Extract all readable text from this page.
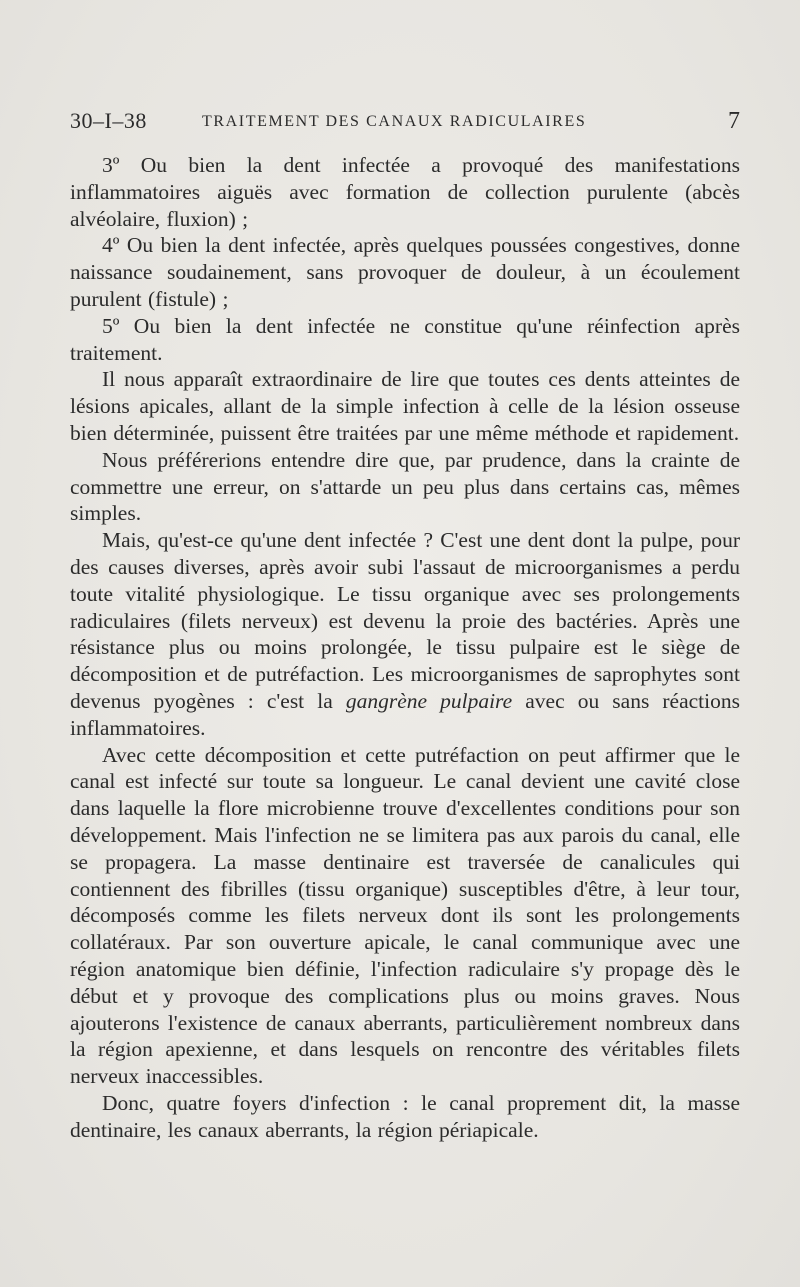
30–I–38	TRAITEMENT DES CANAUX RADICULAIRES	7

3º Ou bien la dent infectée a provoqué des manifestations inflammatoires aiguës avec formation de collection purulente (abcès alvéolaire, fluxion) ;

4º Ou bien la dent infectée, après quelques poussées congestives, donne naissance soudainement, sans provoquer de douleur, à un écoulement purulent (fistule) ;

5º Ou bien la dent infectée ne constitue qu'une réinfection après traitement.

Il nous apparaît extraordinaire de lire que toutes ces dents atteintes de lésions apicales, allant de la simple infection à celle de la lésion osseuse bien déterminée, puissent être traitées par une même méthode et rapidement.

Nous préférerions entendre dire que, par prudence, dans la crainte de commettre une erreur, on s'attarde un peu plus dans certains cas, mêmes simples.

Mais, qu'est-ce qu'une dent infectée ? C'est une dent dont la pulpe, pour des causes diverses, après avoir subi l'assaut de microorganismes a perdu toute vitalité physiologique. Le tissu organique avec ses prolongements radiculaires (filets nerveux) est devenu la proie des bactéries. Après une résistance plus ou moins prolongée, le tissu pulpaire est le siège de décomposition et de putréfaction. Les microorganismes de saprophytes sont devenus pyogènes : c'est la gangrène pulpaire avec ou sans réactions inflammatoires.

Avec cette décomposition et cette putréfaction on peut affirmer que le canal est infecté sur toute sa longueur. Le canal devient une cavité close dans laquelle la flore microbienne trouve d'excellentes conditions pour son développement. Mais l'infection ne se limitera pas aux parois du canal, elle se propagera. La masse dentinaire est traversée de canalicules qui contiennent des fibrilles (tissu organique) susceptibles d'être, à leur tour, décomposés comme les filets nerveux dont ils sont les prolongements collatéraux. Par son ouverture apicale, le canal communique avec une région anatomique bien définie, l'infection radiculaire s'y propage dès le début et y provoque des complications plus ou moins graves. Nous ajouterons l'existence de canaux aberrants, particulièrement nombreux dans la région apexienne, et dans lesquels on rencontre des véritables filets nerveux inaccessibles.

Donc, quatre foyers d'infection : le canal proprement dit, la masse dentinaire, les canaux aberrants, la région périapicale.
